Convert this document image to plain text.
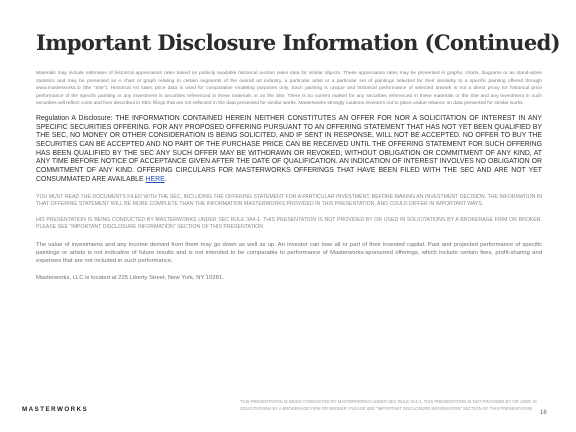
Important Disclosure Information (Continued)

Materials may include estimates of historical appreciation rates based on publicly available historical auction sales data for similar objects. These appreciation rates may be presented in graphs, charts, diagrams or as stand-alone statistics and may be presented as A chart or graph relating to certain segments of the overall art industry, a particular artist or a particular set of paintings selected for their similarity to a specific painting offered through www.masterworks.io (the "Site"). Historical Art sales price data is used for comparative modeling purposes only. Each painting is unique and historical performance of selected artwork is not a direct proxy for historical price performance of the specific painting or any investment in securities referenced in these materials or on the Site. There is no current market for any securities referenced in these materials or the Site and any investment in such securities will reflect costs and fees described in SEC filings that are not reflected in the data presented for similar works. Masterworks strongly cautions investors not to place undue reliance on data presented for similar works.

Regulation A Disclosure: THE INFORMATION CONTAINED HEREIN NEITHER CONSTITUTES AN OFFER FOR NOR A SOLICITATION OF INTEREST IN ANY SPECIFIC SECURITIES OFFERING. FOR ANY PROPOSED OFFERING PURSUANT TO AN OFFERING STATEMENT THAT HAS NOT YET BEEN QUALIFIED BY THE SEC, NO MONEY OR OTHER CONSIDERATION IS BEING SOLICITED, AND IF SENT IN RESPONSE, WILL NOT BE ACCEPTED. NO OFFER TO BUY THE SECURITIES CAN BE ACCEPTED AND NO PART OF THE PURCHASE PRICE CAN BE RECEIVED UNTIL THE OFFERING STATEMENT FOR SUCH OFFERING HAS BEEN QUALIFIED BY THE SEC ANY SUCH OFFER MAY BE WITHDRAWN OR REVOKED, WITHOUT OBLIGATION OR COMMITMENT OF ANY KIND, AT ANY TIME BEFORE NOTICE OF ACCEPTANCE GIVEN AFTER THE DATE OF QUALIFICATION. AN INDICATION OF INTEREST INVOLVES NO OBLIGATION OR COMMITMENT OF ANY KIND. OFFERING CIRCULARS FOR MASTERWORKS OFFERINGS THAT HAVE BEEN FILED WITH THE SEC AND ARE NOT YET CONSUMMATED ARE AVAILABLE HERE.

YOU MUST READ THE DOCUMENTS FILED WITH THE SEC, INCLUDING THE OFFERING STATEMENT FOR A PARTICULAR INVESTMENT, BEFORE MAKING AN INVESTMENT DECISION. THE INFORMATION IN THAT OFFERING STATEMENT WILL BE MORE COMPLETE THAN THE INFORMATION MASTERWORKS PROVIDED IN THIS PRESENTATION, AND COULD DIFFER IN IMPORTANT WAYS.

HIS PRESENTATION IS BEING CONDUCTED BY MASTERWORKS UNDER SEC RULE 3A4-1. THIS PRESENTATION IS NOT PROVIDED BY OR USED IN SOLICITATIONS BY A BROKERAGE FIRM OR BROKER. PLEASE SEE "IMPORTANT DISCLOSURE INFORMATION" SECTION OF THIS PRESENTATION

The value of investments and any income derived from them may go down as well as up. An investor can lose all or part of their invested capital. Past and projected performance of specific paintings or artists is not indicative of future results and is not intended to be comparable to performance of Masterworks-sponsored offerings, which include certain fees, profit-sharing and expenses that are not included in such performance.

Masterworks, LLC is located at 225 Liberty Street, New York, NY 10281.

MASTERWORKS
THIS PRESENTATION IS BEING CONDUCTED BY MASTERWORKS UNDER SEC RULE 3A4-1. THIS PRESENTATION IS NOT PROVIDED BY OR USED IN SOLICITATIONS BY A BROKERAGE FIRM OR BROKER. PLEASE SEE "IMPORTANT DISCLOSURE INFORMATION" SECTION OF THIS PRESENTATION
16
